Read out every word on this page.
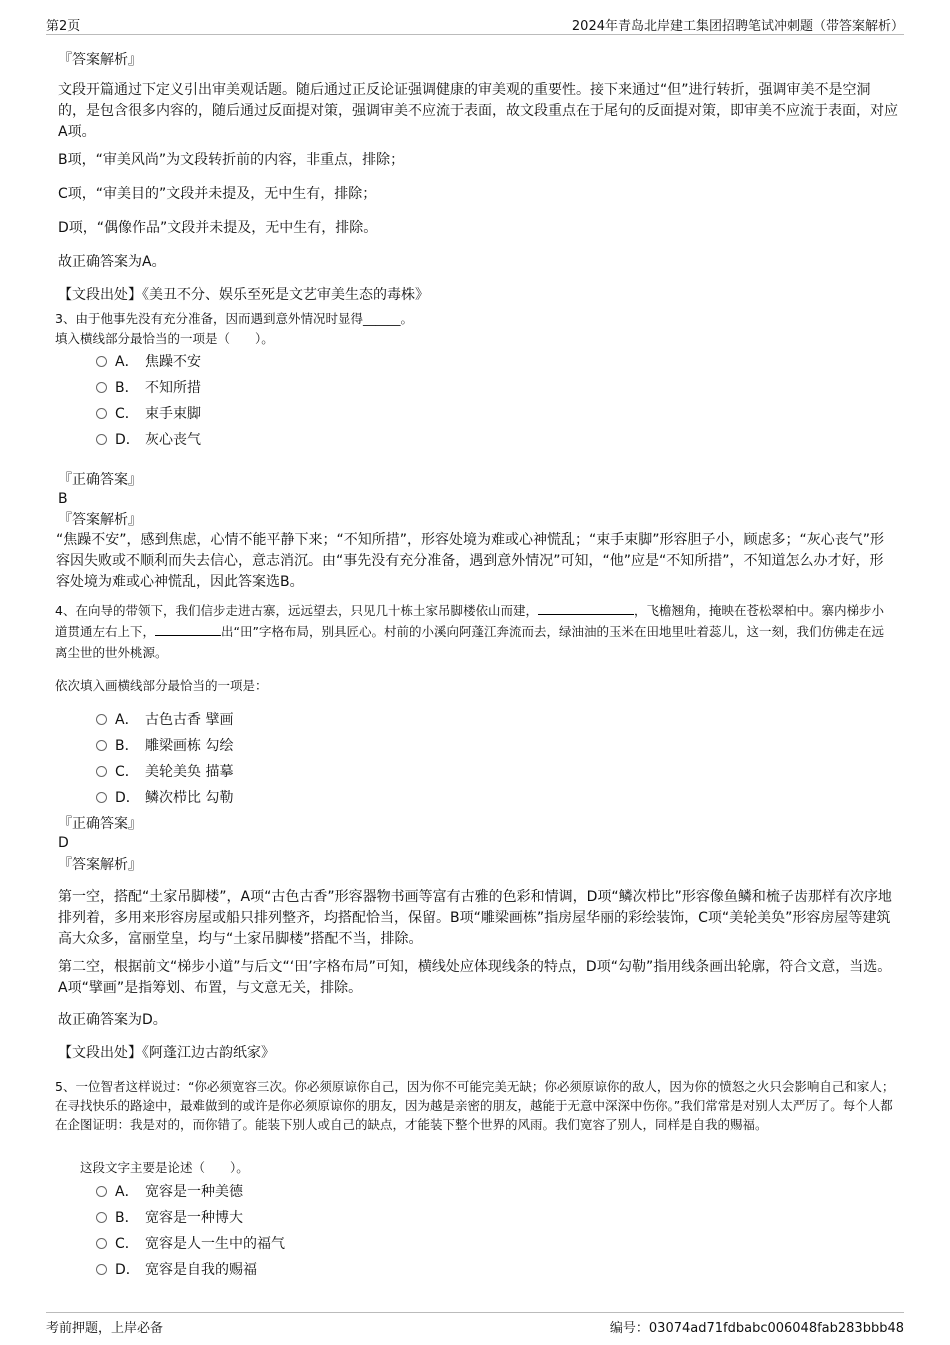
第2页	2024年青岛北岸建工集团招聘笔试冲刺题（带答案解析）
『答案解析』
文段开篇通过下定义引出审美观话题。随后通过正反论证强调健康的审美观的重要性。接下来通过“但”进行转折，强调审美不是空洞的，是包含很多内容的，随后通过反面提对策，强调审美不应流于表面，故文段重点在于尾句的反面提对策，即审美不应流于表面，对应A项。
B项，“审美风尚”为文段转折前的内容，非重点，排除；
C项，“审美目的”文段并未提及，无中生有，排除；
D项，“偶像作品”文段并未提及，无中生有，排除。
故正确答案为A。
【文段出处】《美丑不分、娱乐至死是文艺审美生态的毒株》
3、由于他事先没有充分准备，因而遇到意外情况时显得______。
填入横线部分最恰当的一项是（　　）。
A． 焦躁不安
B． 不知所措
C． 束手束脚
D． 灰心丧气
『正确答案』
B
『答案解析』
“焦躁不安”，感到焦虑，心情不能平静下来；“不知所措”，形容处境为难或心神慌乱；“束手束脚”形容胆子小，顾虑多；“灰心丧气”形容因失败或不顺利而失去信心，意志消沉。由“事先没有充分准备，遇到意外情况”可知，“他”应是“不知所措”，不知道怎么办才好，形容处境为难或心神慌乱，因此答案选B。
4、在向导的带领下，我们信步走进古寨，远远望去，只见几十栋土家吊脚楼依山而建，	，飞檐翘角，掩映在苍松翠柏中。寨内梯步小道贯通左右上下，	出“田”字格布局，别具匠心。村前的小溪向阿蓬江奔流而去，绿油油的玉米在田地里吐着蕊儿，这一刻，我们仿佛走在远离尘世的世外桃源。
依次填入画横线部分最恰当的一项是：
A． 古色古香 擘画
B． 雕梁画栋 勾绘
C． 美轮美奂 描摹
D． 鳞次栉比 勾勒
『正确答案』
D
『答案解析』
第一空，搭配“土家吊脚楼”，A项“古色古香”形容器物书画等富有古雅的色彩和情调，D项“鳞次栉比”形容像鱼鳞和梳子齿那样有次序地排列着，多用来形容房屋或船只排列整齐，均搭配恰当，保留。B项“雕梁画栋”指房屋华丽的彩绘装饰，C项“美轮美奂”形容房屋等建筑高大众多，富丽堂皇，均与“土家吊脚楼”搭配不当，排除。
第二空，根据前文“梯步小道”与后文“‘田’字格布局”可知，横线处应体现线条的特点，D项“勾勒”指用线条画出轮廓，符合文意，当选。A项“擘画”是指筹划、布置，与文意无关，排除。
故正确答案为D。
【文段出处】《阿蓬江边古韵纸家》
5、一位智者这样说过：“你必须宽容三次。你必须原谅你自己，因为你不可能完美无缺；你必须原谅你的敌人，因为你的愤怒之火只会影响自己和家人；在寻找快乐的路途中，最难做到的或许是你必须原谅你的朋友，因为越是亲密的朋友，越能于无意中深深中伤你。”我们常常是对别人太严厉了。每个人都在企图证明：我是对的，而你错了。能装下别人或自己的缺点，才能装下整个世界的风雨。我们宽容了别人，同样是自我的赐福。
这段文字主要是论述（　　）。
A． 宽容是一种美德
B． 宽容是一种博大
C． 宽容是人一生中的福气
D． 宽容是自我的赐福
考前押题，上岸必备	编号：03074ad71fdbabc006048fab283bbb48
